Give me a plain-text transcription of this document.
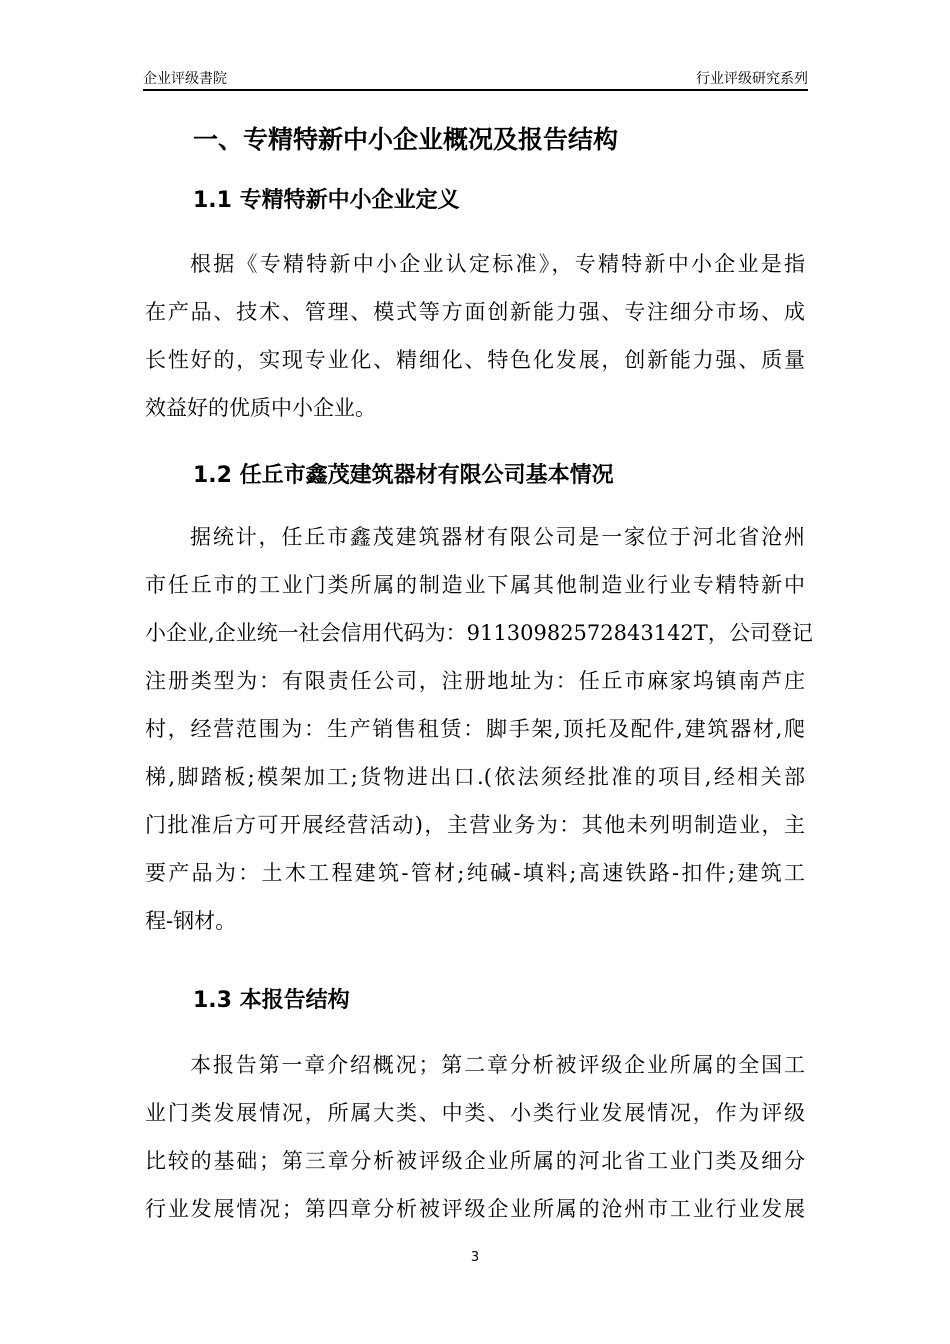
企业评级書院	行业评级研究系列
一、专精特新中小企业概况及报告结构
1.1 专精特新中小企业定义
根据《专精特新中小企业认定标准》，专精特新中小企业是指
在产品、技术、管理、模式等方面创新能力强、专注细分市场、成
长性好的，实现专业化、精细化、特色化发展，创新能力强、质量
效益好的优质中小企业。
1.2 任丘市鑫茂建筑器材有限公司基本情况
据统计，任丘市鑫茂建筑器材有限公司是一家位于河北省沧州
市任丘市的工业门类所属的制造业下属其他制造业行业专精特新中
小企业,企业统一社会信用代码为：91130982572843142T，公司登记
注册类型为：有限责任公司，注册地址为：任丘市麻家坞镇南芦庄
村，经营范围为：生产销售租赁：脚手架,顶托及配件,建筑器材,爬
梯,脚踏板;模架加工;货物进出口.(依法须经批准的项目,经相关部
门批准后方可开展经营活动)，主营业务为：其他未列明制造业，主
要产品为：土木工程建筑-管材;纯碱-填料;高速铁路-扣件;建筑工
程-钢材。
1.3 本报告结构
本报告第一章介绍概况；第二章分析被评级企业所属的全国工
业门类发展情况，所属大类、中类、小类行业发展情况，作为评级
比较的基础；第三章分析被评级企业所属的河北省工业门类及细分
行业发展情况；第四章分析被评级企业所属的沧州市工业行业发展
3
